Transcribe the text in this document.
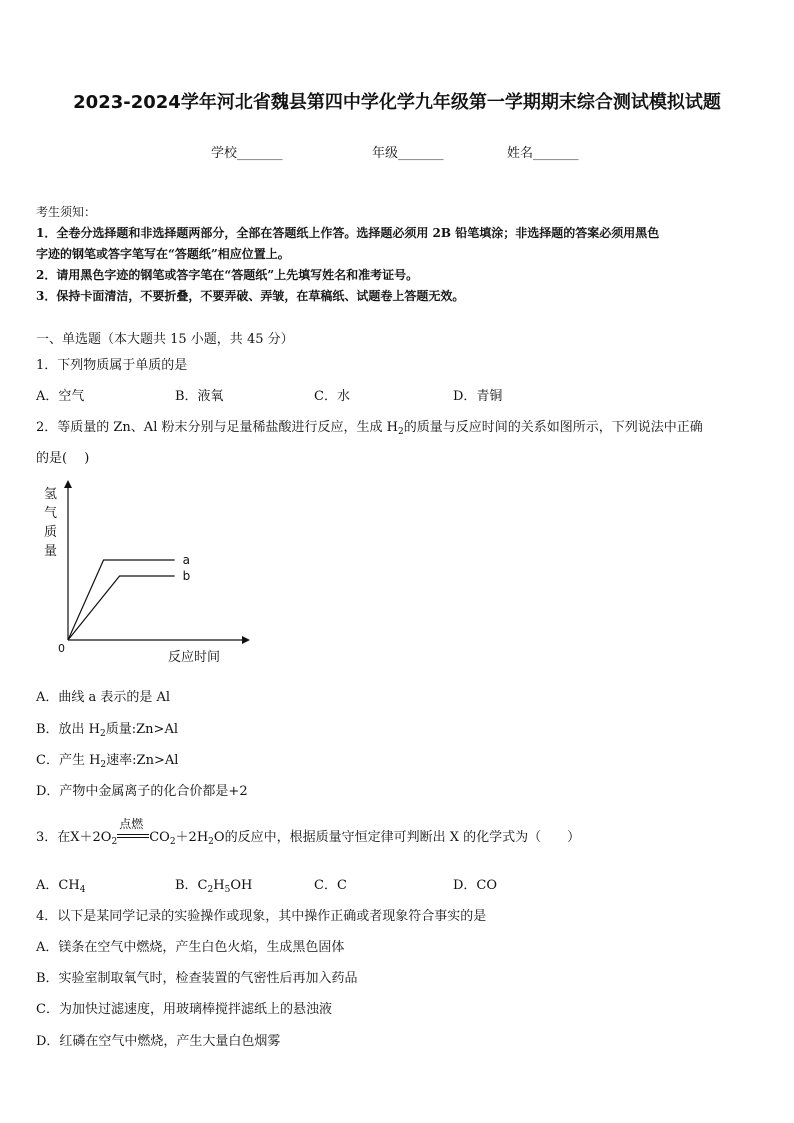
2023-2024学年河北省魏县第四中学化学九年级第一学期期末综合测试模拟试题
学校_______	年级_______	姓名_______
考生须知：
1．全卷分选择题和非选择题两部分，全部在答题纸上作答。选择题必须用 2B 铅笔填涂；非选择题的答案必须用黑色
字迹的钢笔或答字笔写在“答题纸”相应位置上。
2．请用黑色字迹的钢笔或答字笔在“答题纸”上先填写姓名和准考证号。
3．保持卡面清洁，不要折叠，不要弄破、弄皱，在草稿纸、试题卷上答题无效。
一、单选题（本大题共 15 小题，共 45 分）
1．下列物质属于单质的是
A．空气	B．液氧	C．水	D．青铜
2．等质量的 Zn、Al 粉末分别与足量稀盐酸进行反应，生成 $H_2$的质量与反应时间的关系如图所示，下列说法中正确
的是(　 )
a
b
氢
气
质
量
0
反应时间
A．曲线 a 表示的是 Al
B．放出 $H_2$质量:Zn>Al
C．产生 $H_2$速率:Zn>Al
D．产物中金属离子的化合价都是+2
3．在$X+2O_2$
点燃
$CO_2+2H_2O$的反应中，根据质量守恒定律可判断出 X 的化学式为（　　）
A．$CH_4$	B．$C_2H_5OH$	C．C	D．CO
4．以下是某同学记录的实验操作或现象，其中操作正确或者现象符合事实的是
A．镁条在空气中燃烧，产生白色火焰，生成黑色固体
B．实验室制取氧气时，检查装置的气密性后再加入药品
C．为加快过滤速度，用玻璃棒搅拌滤纸上的悬浊液
D．红磷在空气中燃烧，产生大量白色烟雾
